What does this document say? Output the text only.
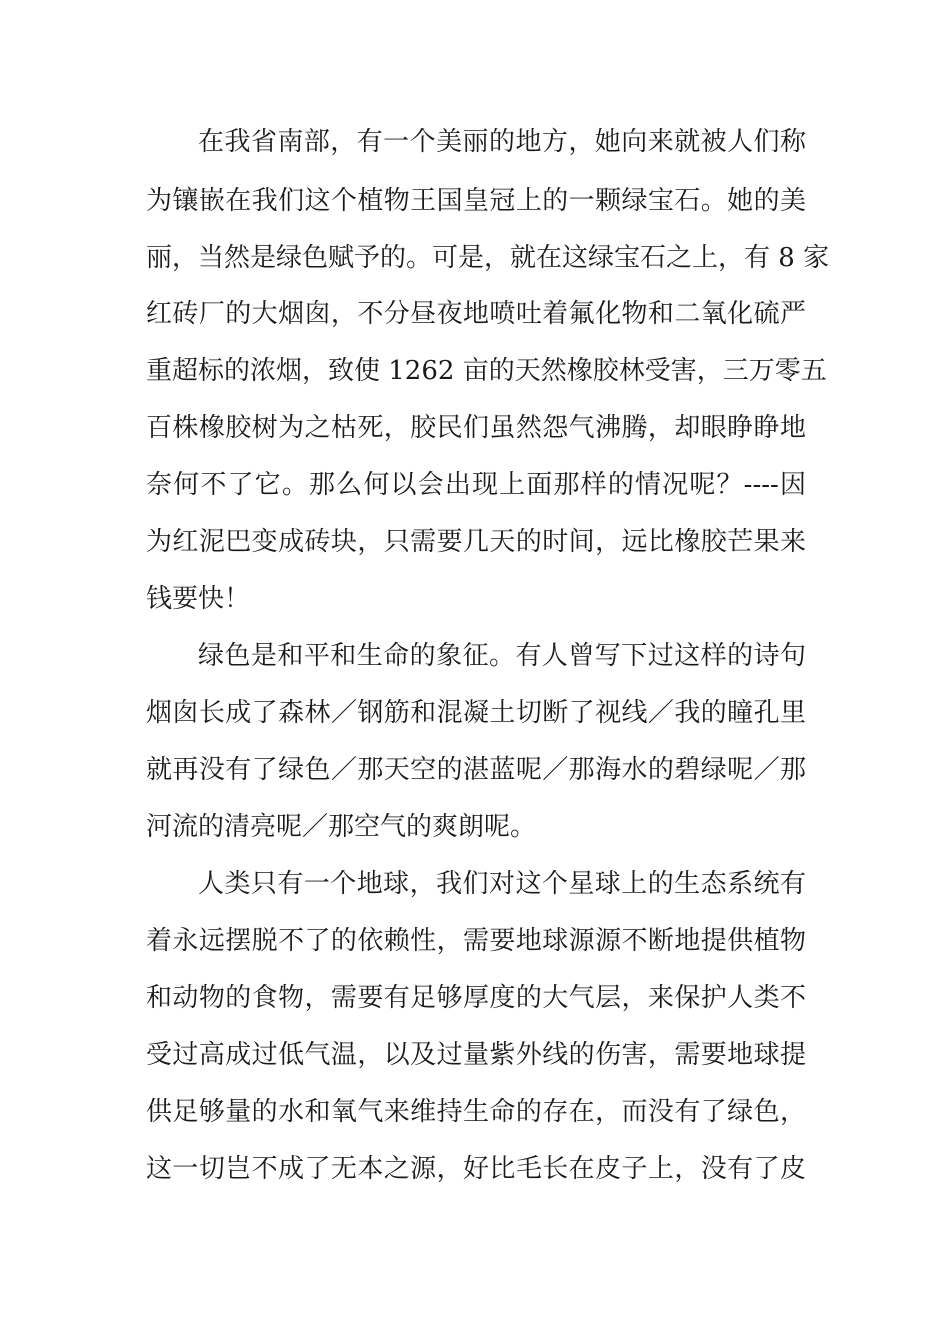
在我省南部，有一个美丽的地方，她向来就被人们称
为镶嵌在我们这个植物王国皇冠上的一颗绿宝石。她的美
丽，当然是绿色赋予的。可是，就在这绿宝石之上，有 8 家
红砖厂的大烟囱，不分昼夜地喷吐着氟化物和二氧化硫严
重超标的浓烟，致使 1262 亩的天然橡胶林受害，三万零五
百株橡胶树为之枯死，胶民们虽然怨气沸腾，却眼睁睁地
奈何不了它。那么何以会出现上面那样的情况呢？----因
为红泥巴变成砖块，只需要几天的时间，远比橡胶芒果来
钱要快！
绿色是和平和生命的象征。有人曾写下过这样的诗句
烟囱长成了森林／钢筋和混凝土切断了视线／我的瞳孔里
就再没有了绿色／那天空的湛蓝呢／那海水的碧绿呢／那
河流的清亮呢／那空气的爽朗呢。
人类只有一个地球，我们对这个星球上的生态系统有
着永远摆脱不了的依赖性，需要地球源源不断地提供植物
和动物的食物，需要有足够厚度的大气层，来保护人类不
受过高成过低气温，以及过量紫外线的伤害，需要地球提
供足够量的水和氧气来维持生命的存在，而没有了绿色，
这一切岂不成了无本之源，好比毛长在皮子上，没有了皮
